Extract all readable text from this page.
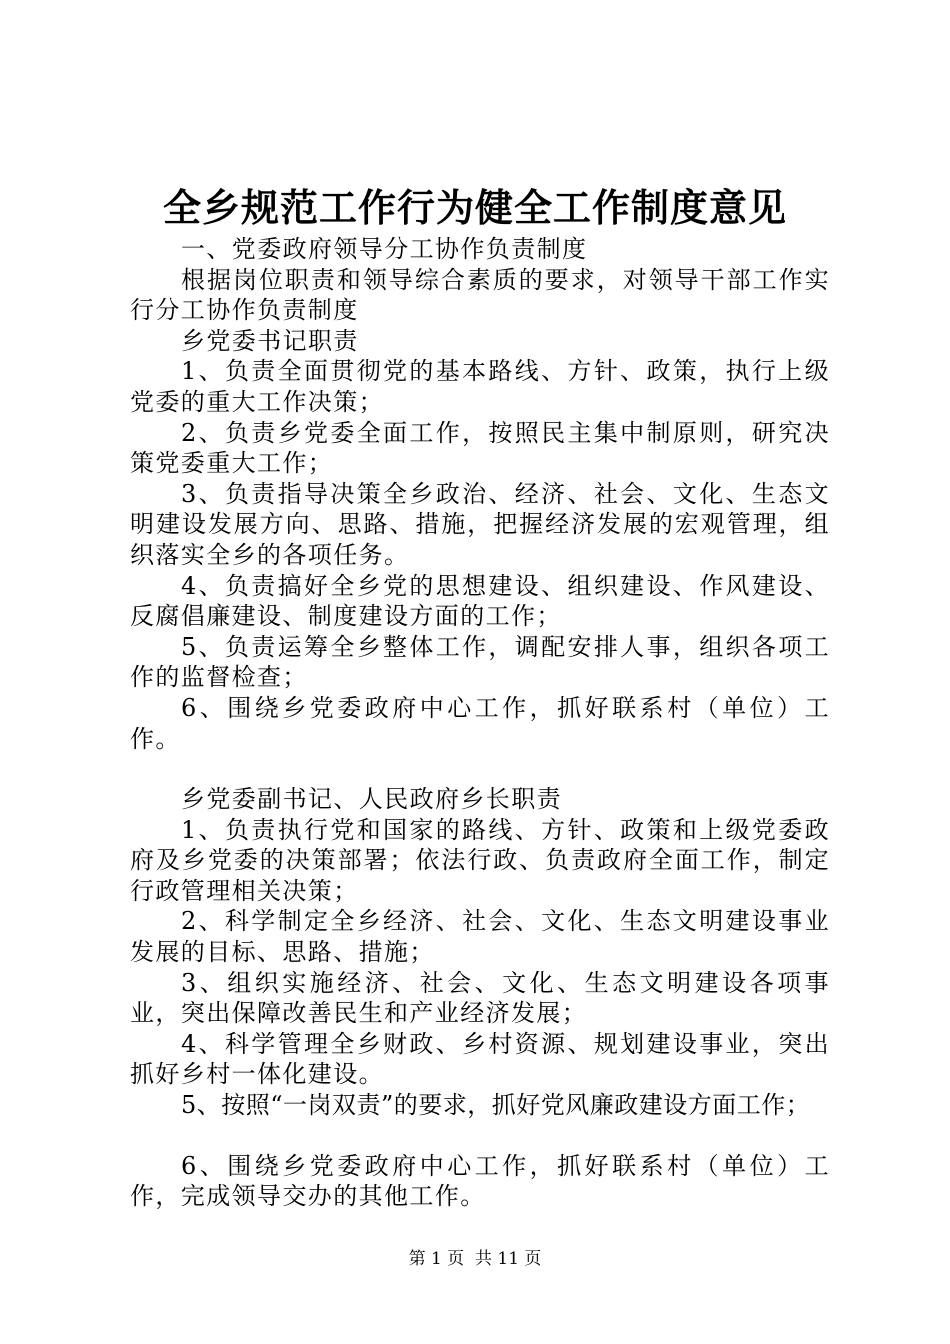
全乡规范工作行为健全工作制度意见

一、党委政府领导分工协作负责制度

根据岗位职责和领导综合素质的要求，对领导干部工作实行分工协作负责制度

乡党委书记职责

1、负责全面贯彻党的基本路线、方针、政策，执行上级党委的重大工作决策；

2、负责乡党委全面工作，按照民主集中制原则，研究决策党委重大工作；

3、负责指导决策全乡政治、经济、社会、文化、生态文明建设发展方向、思路、措施，把握经济发展的宏观管理，组织落实全乡的各项任务。

4、负责搞好全乡党的思想建设、组织建设、作风建设、反腐倡廉建设、制度建设方面的工作；

5、负责运筹全乡整体工作，调配安排人事，组织各项工作的监督检查；

6、围绕乡党委政府中心工作，抓好联系村（单位）工作。

乡党委副书记、人民政府乡长职责

1、负责执行党和国家的路线、方针、政策和上级党委政府及乡党委的决策部署；依法行政、负责政府全面工作，制定行政管理相关决策；

2、科学制定全乡经济、社会、文化、生态文明建设事业发展的目标、思路、措施；

3、组织实施经济、社会、文化、生态文明建设各项事业，突出保障改善民生和产业经济发展；

4、科学管理全乡财政、乡村资源、规划建设事业，突出抓好乡村一体化建设。

5、按照“一岗双责”的要求，抓好党风廉政建设方面工作；

6、围绕乡党委政府中心工作，抓好联系村（单位）工作，完成领导交办的其他工作。

第 1 页  共 11 页
